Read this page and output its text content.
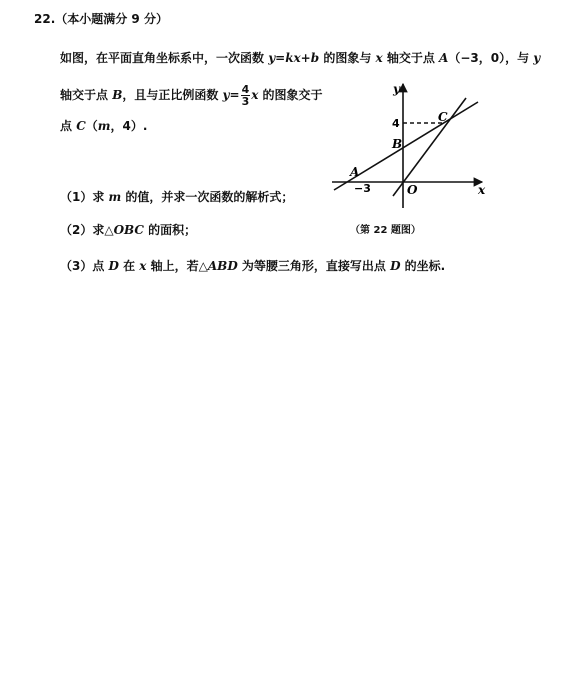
22.（本小题满分 9 分）
如图，在平面直角坐标系中，一次函数 y=kx+b 的图象与 x 轴交于点 A（−3，0），与 y
轴交于点 B，且与正比例函数 $y= \frac{4}{3}$ x 的图象交于
点 C（m，4）.
（1）求 m 的值，并求一次函数的解析式；
（2）求△OBC 的面积；
（3）点 D 在 x 轴上，若△ABD 为等腰三角形，直接写出点 D 的坐标.
y
x
4	C
B
A
−3	O
（第 22 题图）
